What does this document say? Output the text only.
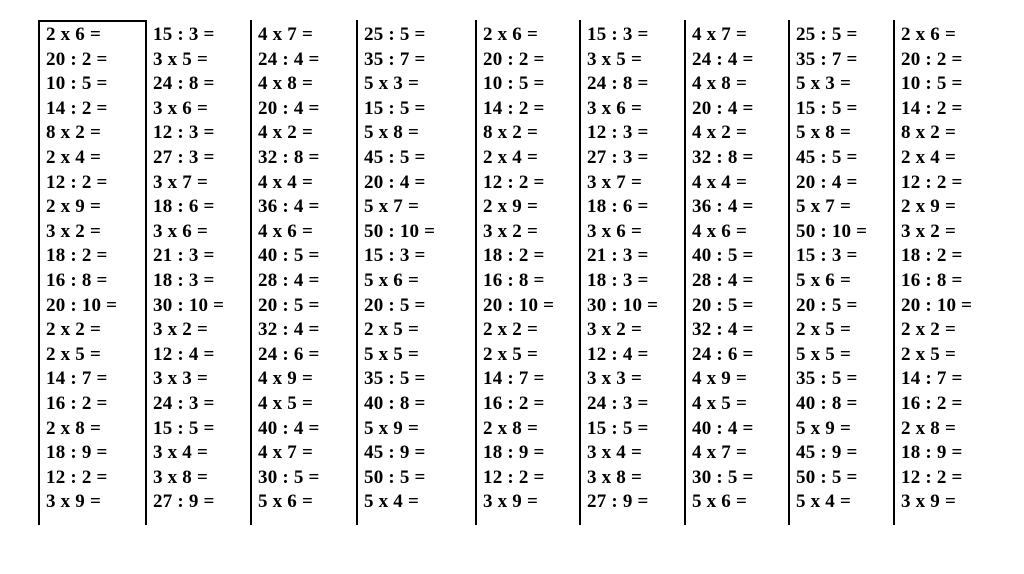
2 x 6 =
20 : 2 =
10 : 5 =
14 : 2 =
8 x 2 =
2 x 4 =
12 : 2 =
2 x 9 =
3 x 2 =
18 : 2 =
16 : 8 =
20 : 10 =
2 x 2 =
2 x 5 =
14 : 7 =
16 : 2 =
2 x 8 =
18 : 9 =
12 : 2 =
3 x 9 =
15 : 3 =
3 x 5 =
24 : 8 =
3 x 6 =
12 : 3 =
27 : 3 =
3 x 7 =
18 : 6 =
3 x 6 =
21 : 3 =
18 : 3 =
30 : 10 =
3 x 2 =
12 : 4 =
3 x 3 =
24 : 3 =
15 : 5 =
3 x 4 =
3 x 8 =
27 : 9 =
4 x 7 =
24 : 4 =
4 x 8 =
20 : 4 =
4 x 2 =
32 : 8 =
4 x 4 =
36 : 4 =
4 x 6 =
40 : 5 =
28 : 4 =
20 : 5 =
32 : 4 =
24 : 6 =
4 x 9 =
4 x 5 =
40 : 4 =
4 x 7 =
30 : 5 =
5 x 6 =
25 : 5 =
35 : 7 =
5 x 3 =
15 : 5 =
5 x 8 =
45 : 5 =
20 : 4 =
5 x 7 =
50 : 10 =
15 : 3 =
5 x 6 =
20 : 5 =
2 x 5 =
5 x 5 =
35 : 5 =
40 : 8 =
5 x 9 =
45 : 9 =
50 : 5 =
5 x 4 =
2 x 6 =
20 : 2 =
10 : 5 =
14 : 2 =
8 x 2 =
2 x 4 =
12 : 2 =
2 x 9 =
3 x 2 =
18 : 2 =
16 : 8 =
20 : 10 =
2 x 2 =
2 x 5 =
14 : 7 =
16 : 2 =
2 x 8 =
18 : 9 =
12 : 2 =
3 x 9 =
15 : 3 =
3 x 5 =
24 : 8 =
3 x 6 =
12 : 3 =
27 : 3 =
3 x 7 =
18 : 6 =
3 x 6 =
21 : 3 =
18 : 3 =
30 : 10 =
3 x 2 =
12 : 4 =
3 x 3 =
24 : 3 =
15 : 5 =
3 x 4 =
3 x 8 =
27 : 9 =
4 x 7 =
24 : 4 =
4 x 8 =
20 : 4 =
4 x 2 =
32 : 8 =
4 x 4 =
36 : 4 =
4 x 6 =
40 : 5 =
28 : 4 =
20 : 5 =
32 : 4 =
24 : 6 =
4 x 9 =
4 x 5 =
40 : 4 =
4 x 7 =
30 : 5 =
5 x 6 =
25 : 5 =
35 : 7 =
5 x 3 =
15 : 5 =
5 x 8 =
45 : 5 =
20 : 4 =
5 x 7 =
50 : 10 =
15 : 3 =
5 x 6 =
20 : 5 =
2 x 5 =
5 x 5 =
35 : 5 =
40 : 8 =
5 x 9 =
45 : 9 =
50 : 5 =
5 x 4 =
2 x 6 =
20 : 2 =
10 : 5 =
14 : 2 =
8 x 2 =
2 x 4 =
12 : 2 =
2 x 9 =
3 x 2 =
18 : 2 =
16 : 8 =
20 : 10 =
2 x 2 =
2 x 5 =
14 : 7 =
16 : 2 =
2 x 8 =
18 : 9 =
12 : 2 =
3 x 9 =
